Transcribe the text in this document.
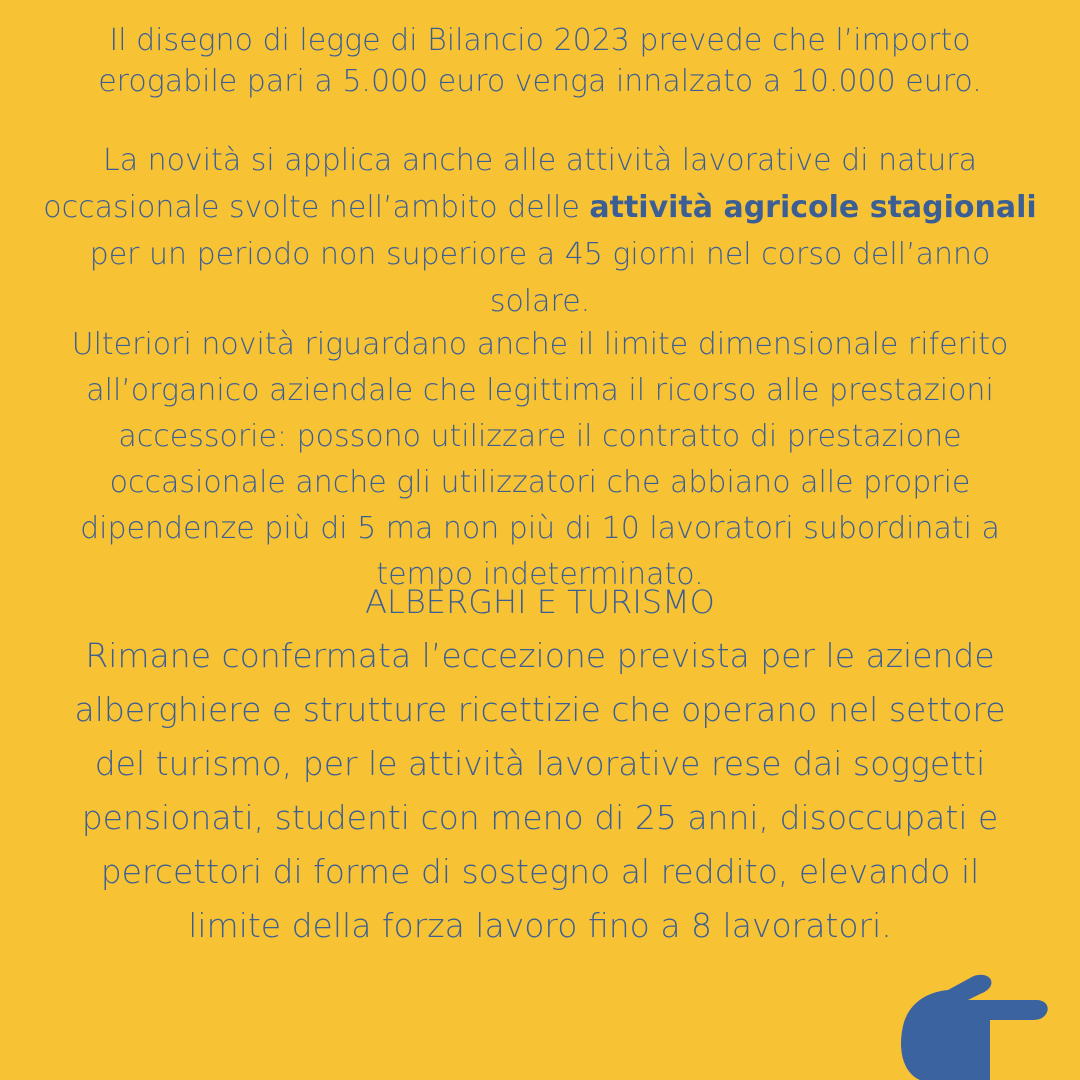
Il disegno di legge di Bilancio 2023 prevede che l’importo

erogabile pari a 5.000 euro venga innalzato a 10.000 euro.

La novità si applica anche alle attività lavorative di natura

occasionale svolte nell’ambito delle attività agricole stagionali

per un periodo non superiore a 45 giorni nel corso dell’anno

solare.

Ulteriori novità riguardano anche il limite dimensionale riferito

all’organico aziendale che legittima il ricorso alle prestazioni

accessorie: possono utilizzare il contratto di prestazione

occasionale anche gli utilizzatori che abbiano alle proprie

dipendenze più di 5 ma non più di 10 lavoratori subordinati a

tempo indeterminato.

ALBERGHI E TURISMO

Rimane confermata l’eccezione prevista per le aziende

alberghiere e strutture ricettizie che operano nel settore

del turismo, per le attività lavorative rese dai soggetti

pensionati, studenti con meno di 25 anni, disoccupati e

percettori di forme di sostegno al reddito, elevando il

limite della forza lavoro fino a 8 lavoratori.
